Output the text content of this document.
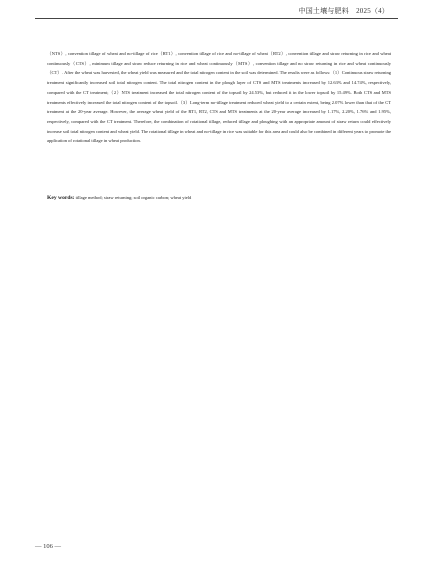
中国土壤与肥料　2025（4）

（NTS）, convention tillage of wheat and no-tillage of rice（RT1）, convention tillage of rice and no-tillage of wheat（RT2）, convention tillage and straw returning in rice and wheat continuously（CTS）, minimum tillage and straw reduce returning in rice and wheat continuously（MTS）, convention tillage and no straw returning in rice and wheat continuously（CT）. After the wheat was harvested, the wheat yield was measured and the total nitrogen content in the soil was determined. The results were as follows:（1）Continuous straw returning treatment significantly increased soil total nitrogen content. The total nitrogen content in the plough layer of CTS and MTS treatments increased by 12.63% and 14.74%, respectively, compared with the CT treatment;（2）NTS treatment increased the total nitrogen content of the topsoil by 24.53%, but reduced it in the lower topsoil by 15.49%. Both CTS and MTS treatments effectively increased the total nitrogen content of the topsoil.（3）Long-term no-tillage treatment reduced wheat yield to a certain extent, being 2.07% lower than that of the CT treatment at the 20-year average. However, the average wheat yield of the RT1, RT2, CTS and MTS treatments at the 20-year average increased by 1.17%, 2.20%, 1.76% and 1.95%, respectively, compared with the CT treatment. Therefore, the combination of rotational tillage, reduced tillage and ploughing with an appropriate amount of straw return could effectively increase soil total nitrogen content and wheat yield. The rotational tillage in wheat and no-tillage in rice was suitable for this area and could also be combined in different years to promote the application of rotational tillage in wheat production.

Key words: tillage method; straw returning; soil organic carbon; wheat yield

— 106 —
